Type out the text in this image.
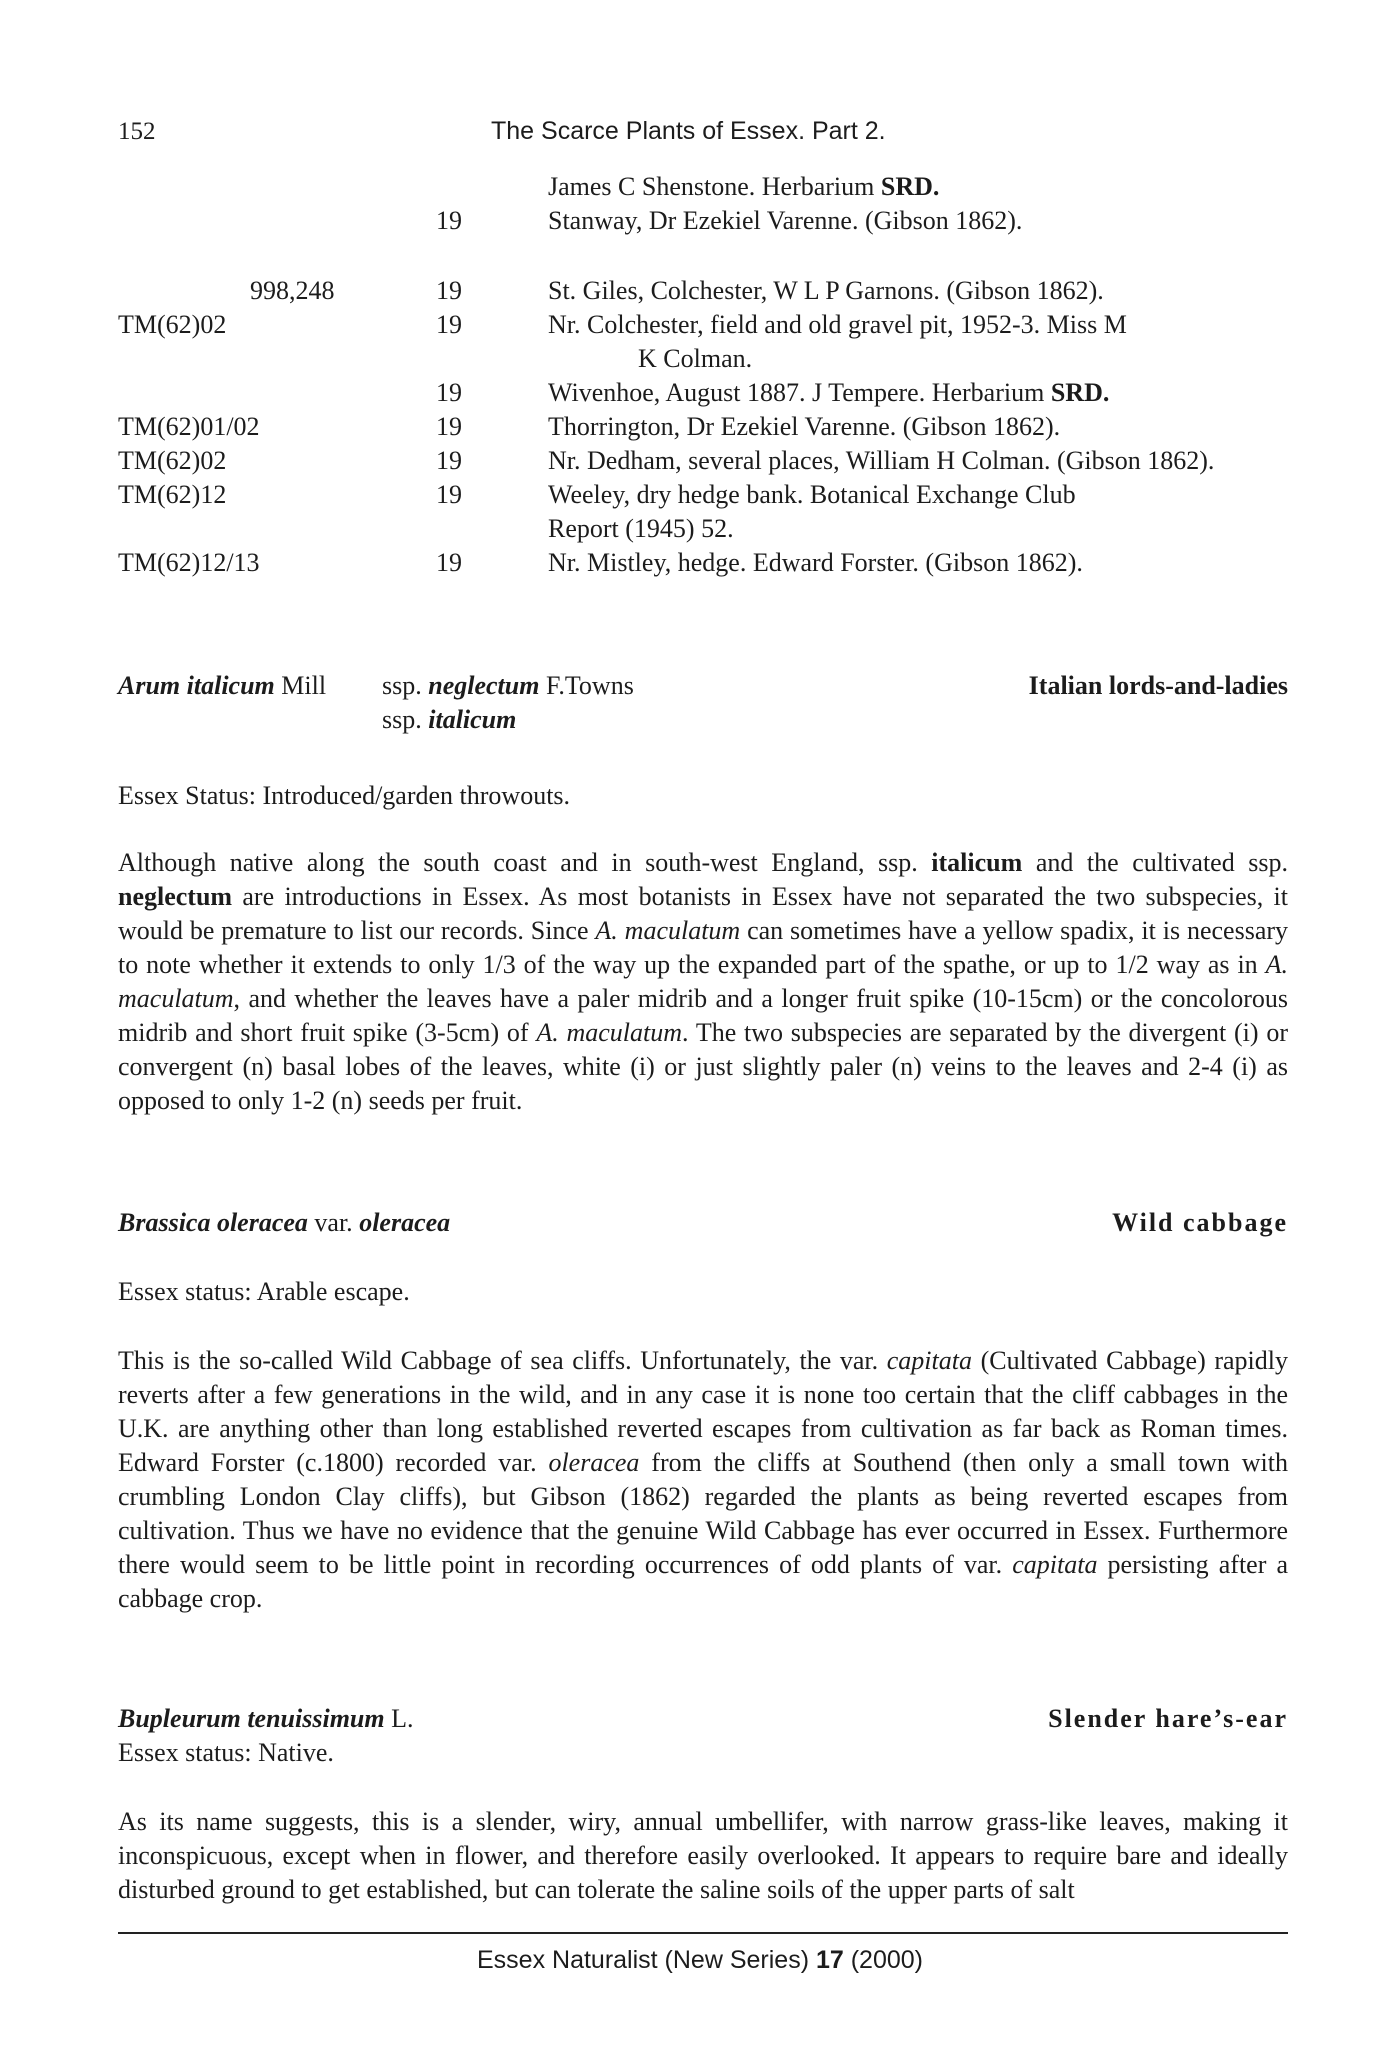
152	The Scarce Plants of Essex. Part 2.
James C Shenstone. Herbarium SRD.
19	Stanway, Dr Ezekiel Varenne. (Gibson 1862).
998,248	19	St. Giles, Colchester, W L P Garnons. (Gibson 1862).
TM(62)02	19	Nr. Colchester, field and old gravel pit, 1952-3. Miss M
K Colman.
19	Wivenhoe, August 1887. J Tempere. Herbarium SRD.
TM(62)01/02	19	Thorrington, Dr Ezekiel Varenne. (Gibson 1862).
TM(62)02	19	Nr. Dedham, several places, William H Colman. (Gibson 1862).
TM(62)12	19	Weeley, dry hedge bank. Botanical Exchange Club
Report (1945) 52.
TM(62)12/13	19	Nr. Mistley, hedge. Edward Forster. (Gibson 1862).
Arum italicum Mill ssp. neglectum F.Towns
ssp. italicum
Italian lords-and-ladies
Essex Status: Introduced/garden throwouts.

Although native along the south coast and in south-west England, ssp. italicum and the cultivated ssp. neglectum are introductions in Essex. As most botanists in Essex have not separated the two subspecies, it would be premature to list our records. Since A. maculatum can sometimes have a yellow spadix, it is necessary to note whether it extends to only 1/3 of the way up the expanded part of the spathe, or up to 1/2 way as in A. maculatum, and whether the leaves have a paler midrib and a longer fruit spike (10-15cm) or the concolorous midrib and short fruit spike (3-5cm) of A. maculatum. The two subspecies are separated by the divergent (i) or convergent (n) basal lobes of the leaves, white (i) or just slightly paler (n) veins to the leaves and 2-4 (i) as opposed to only 1-2 (n) seeds per fruit.

Brassica oleracea var. oleracea	Wild cabbage
Essex status: Arable escape.

This is the so-called Wild Cabbage of sea cliffs. Unfortunately, the var. capitata (Cultivated Cabbage) rapidly reverts after a few generations in the wild, and in any case it is none too certain that the cliff cabbages in the U.K. are anything other than long established reverted escapes from cultivation as far back as Roman times. Edward Forster (c.1800) recorded var. oleracea from the cliffs at Southend (then only a small town with crumbling London Clay cliffs), but Gibson (1862) regarded the plants as being reverted escapes from cultivation. Thus we have no evidence that the genuine Wild Cabbage has ever occurred in Essex. Furthermore there would seem to be little point in recording occurrences of odd plants of var. capitata persisting after a cabbage crop.

Bupleurum tenuissimum L.	Slender hare’s-ear
Essex status: Native.

As its name suggests, this is a slender, wiry, annual umbellifer, with narrow grass-like leaves, making it inconspicuous, except when in flower, and therefore easily overlooked. It appears to require bare and ideally disturbed ground to get established, but can tolerate the saline soils of the upper parts of salt

Essex Naturalist (New Series) 17 (2000)
